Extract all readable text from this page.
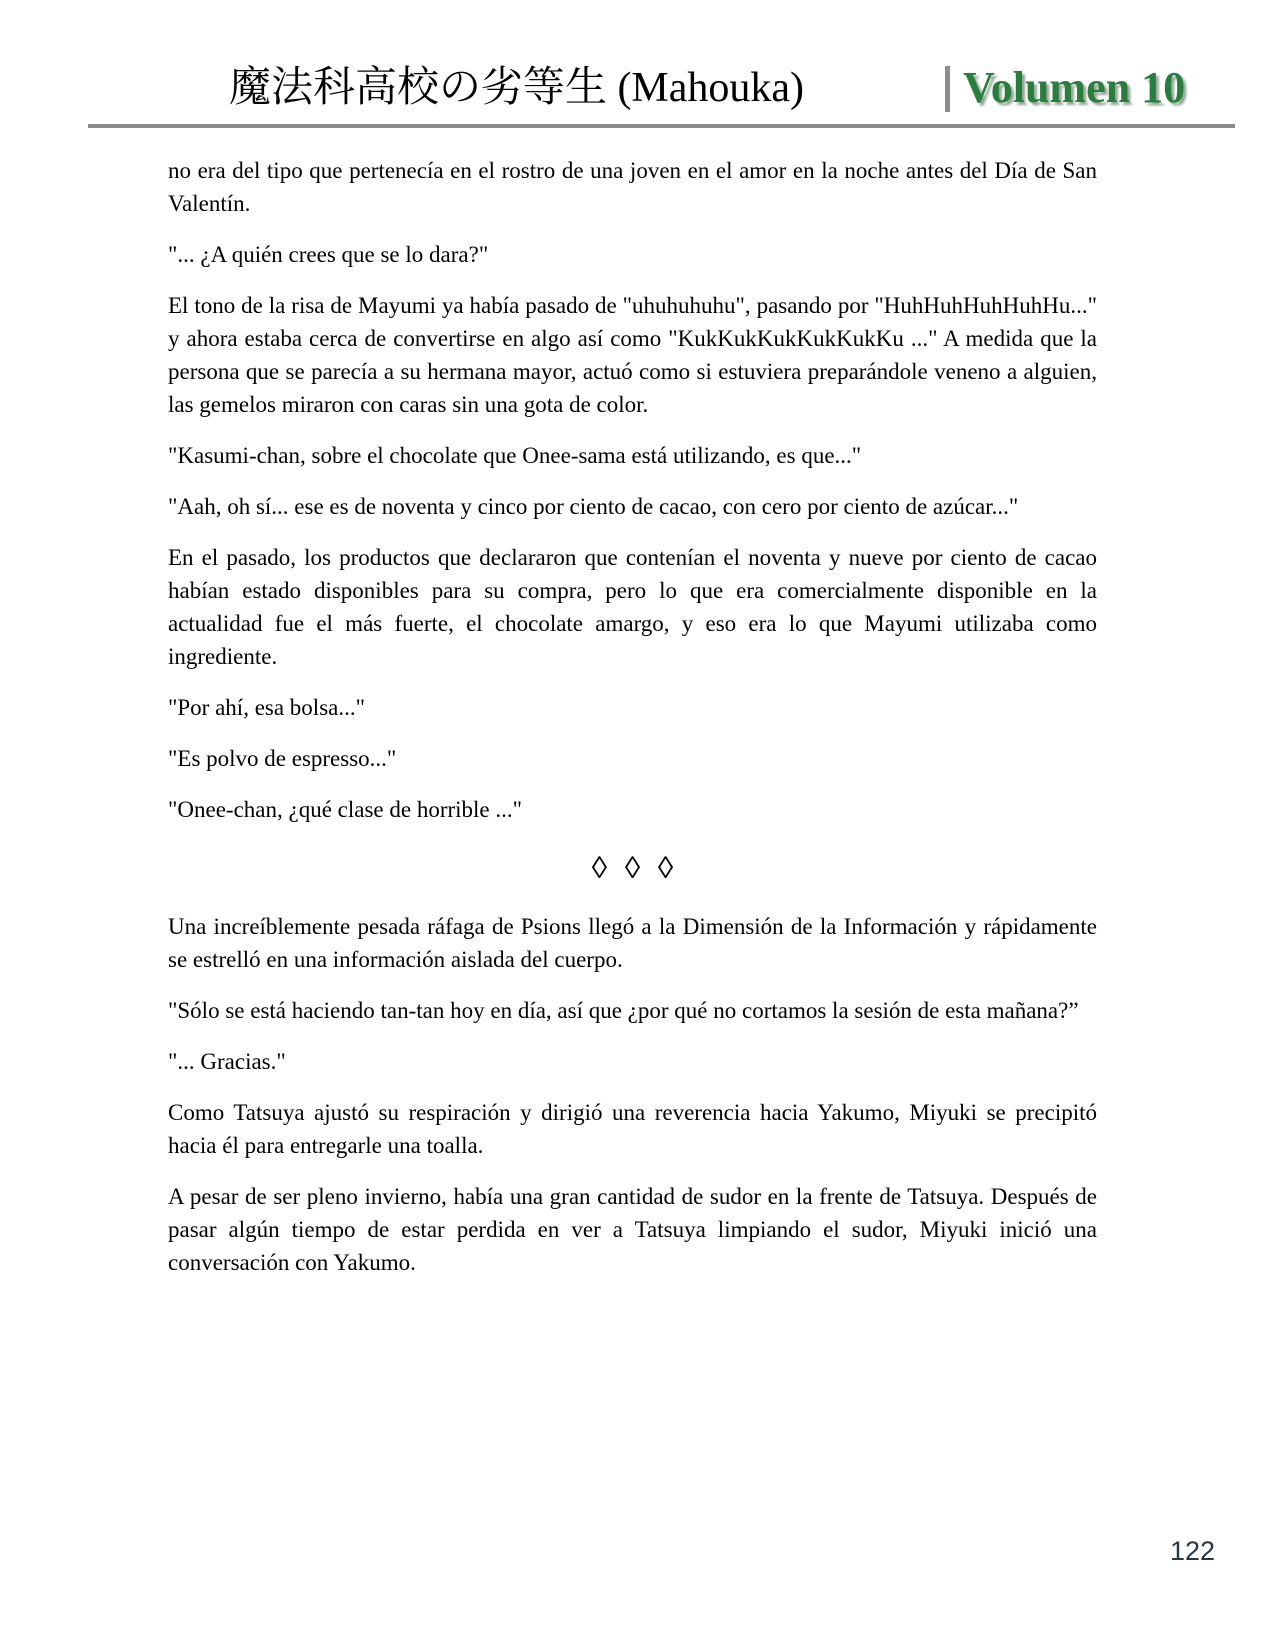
魔法科高校の劣等生 (Mahouka)	Volumen 10

no era del tipo que pertenecía en el rostro de una joven en el amor en la noche antes del Día de San Valentín.

"... ¿A quién crees que se lo dara?"

El tono de la risa de Mayumi ya había pasado de "uhuhuhuhu", pasando por "HuhHuhHuhHuhHu..." y ahora estaba cerca de convertirse en algo así como "KukKukKukKukKukKu ..." A medida que la persona que se parecía a su hermana mayor, actuó como si estuviera preparándole veneno a alguien, las gemelos miraron con caras sin una gota de color.

"Kasumi-chan, sobre el chocolate que Onee-sama está utilizando, es que..."

"Aah, oh sí... ese es de noventa y cinco por ciento de cacao, con cero por ciento de azúcar..."

En el pasado, los productos que declararon que contenían el noventa y nueve por ciento de cacao habían estado disponibles para su compra, pero lo que era comercialmente disponible en la actualidad fue el más fuerte, el chocolate amargo, y eso era lo que Mayumi utilizaba como ingrediente.

"Por ahí, esa bolsa..."

"Es polvo de espresso..."

"Onee-chan, ¿qué clase de horrible ..."

◊ ◊ ◊

Una increíblemente pesada ráfaga de Psions llegó a la Dimensión de la Información y rápidamente se estrelló en una información aislada del cuerpo.

"Sólo se está haciendo tan-tan hoy en día, así que ¿por qué no cortamos la sesión de esta mañana?”

"... Gracias."

Como Tatsuya ajustó su respiración y dirigió una reverencia hacia Yakumo, Miyuki se precipitó hacia él para entregarle una toalla.

A pesar de ser pleno invierno, había una gran cantidad de sudor en la frente de Tatsuya. Después de pasar algún tiempo de estar perdida en ver a Tatsuya limpiando el sudor, Miyuki inició una conversación con Yakumo.

122
